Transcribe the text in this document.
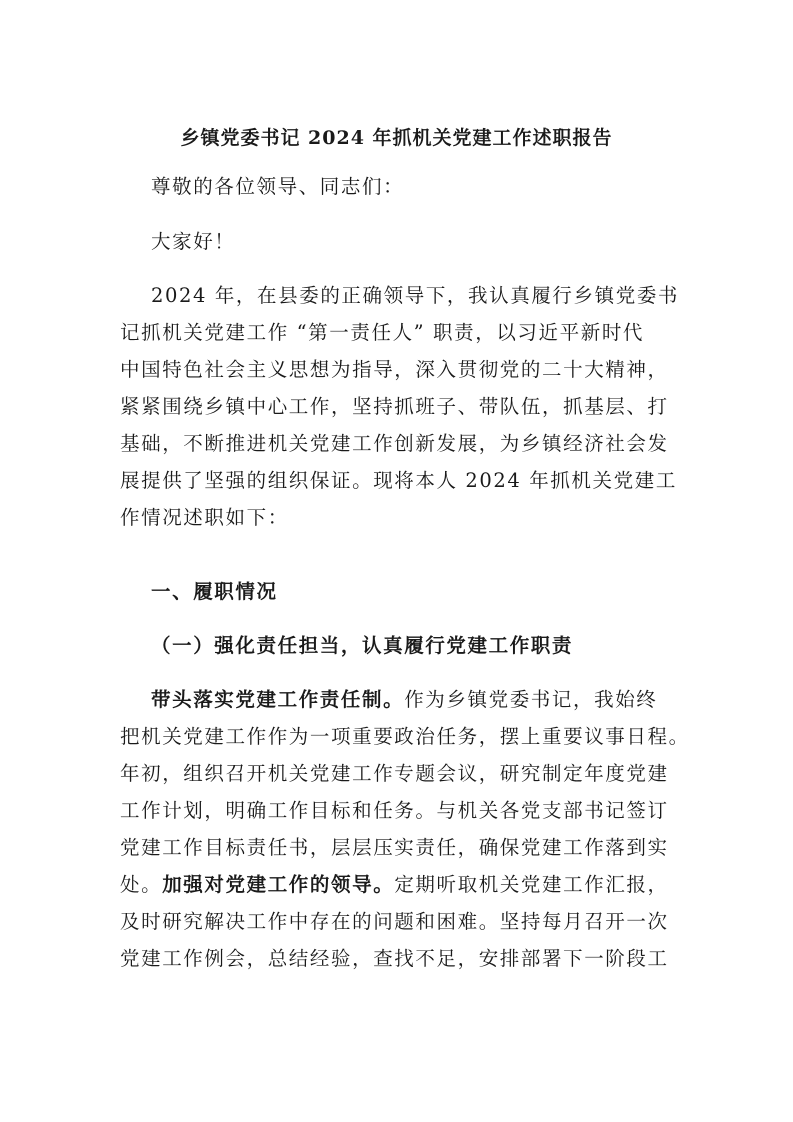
乡镇党委书记 2024 年抓机关党建工作述职报告
尊敬的各位领导、同志们：
大家好！
2024 年，在县委的正确领导下，我认真履行乡镇党委书
记抓机关党建工作 “第一责任人” 职责，以习近平新时代
中国特色社会主义思想为指导，深入贯彻党的二十大精神，
紧紧围绕乡镇中心工作，坚持抓班子、带队伍，抓基层、打
基础，不断推进机关党建工作创新发展，为乡镇经济社会发
展提供了坚强的组织保证。现将本人 2024 年抓机关党建工
作情况述职如下：
一、履职情况
（一）强化责任担当，认真履行党建工作职责
带头落实党建工作责任制。作为乡镇党委书记，我始终
把机关党建工作作为一项重要政治任务，摆上重要议事日程。
年初，组织召开机关党建工作专题会议，研究制定年度党建
工作计划，明确工作目标和任务。与机关各党支部书记签订
党建工作目标责任书，层层压实责任，确保党建工作落到实
处。加强对党建工作的领导。定期听取机关党建工作汇报，
及时研究解决工作中存在的问题和困难。坚持每月召开一次
党建工作例会，总结经验，查找不足，安排部署下一阶段工
